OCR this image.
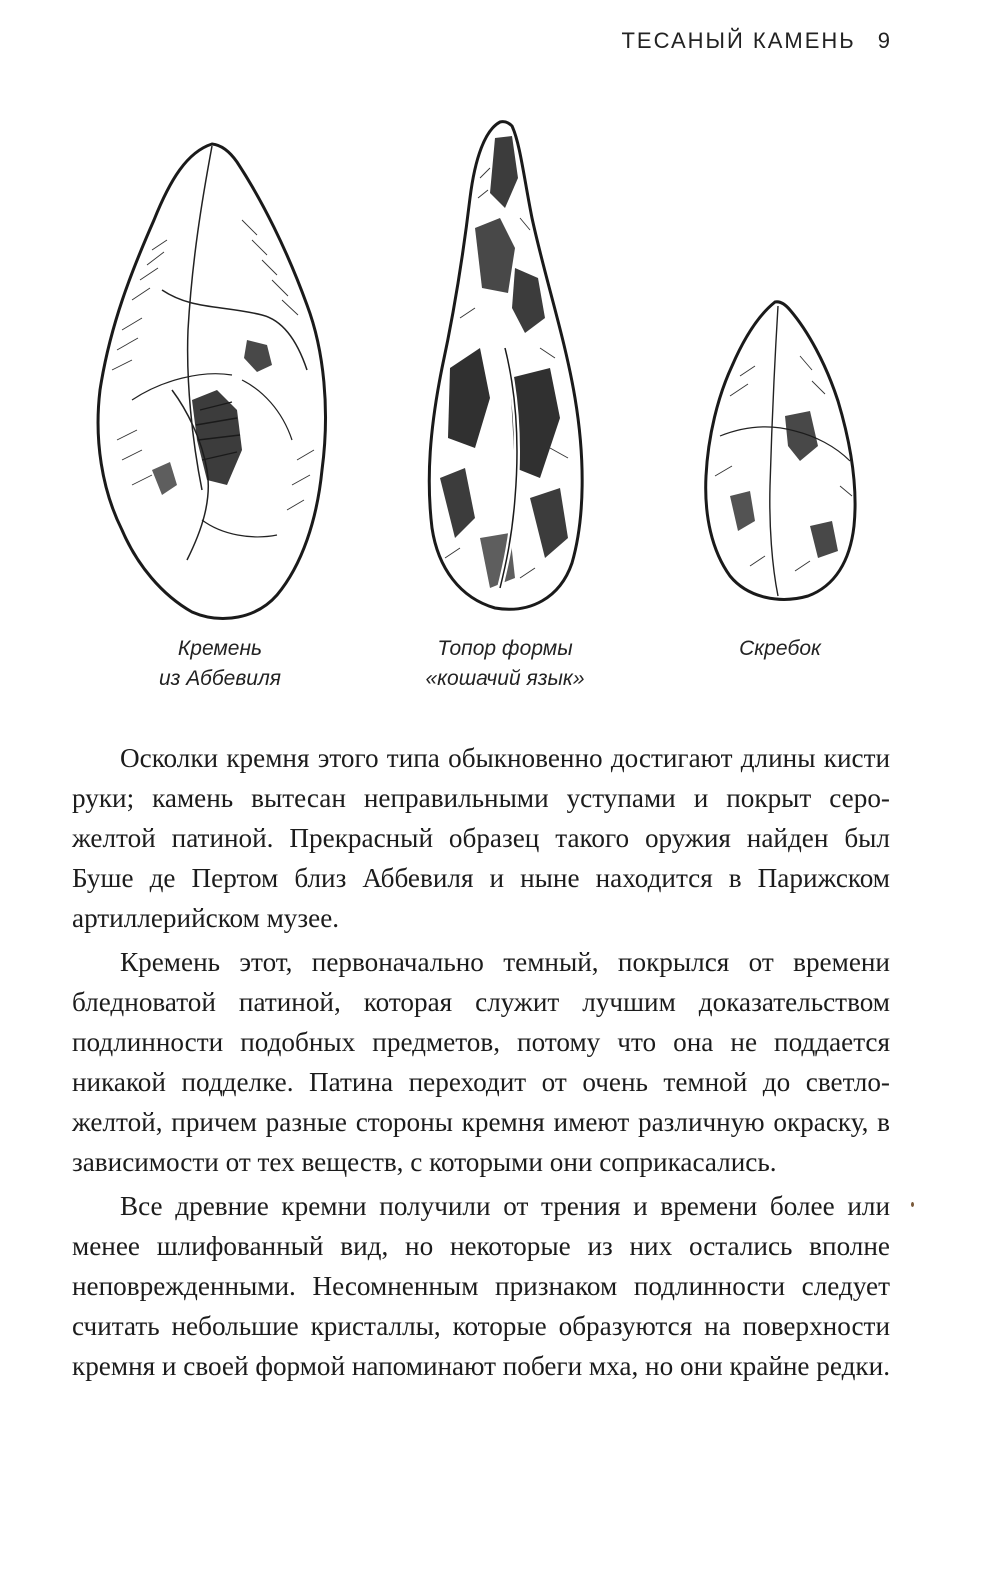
ТЕСАНЫЙ КАМЕНЬ 9
Кремень
из Аббевиля
Топор формы
«кошачий язык»
Скребок

Осколки кремня этого типа обыкновенно достигают длины кисти руки; камень вытесан неправильными уступами и покрыт серо-желтой патиной. Прекрасный образец такого оружия найден был Буше де Пертом близ Аббевиля и ныне находится в Парижском артиллерийском музее.

Кремень этот, первоначально темный, покрылся от времени бледноватой патиной, которая служит лучшим доказательством подлинности подобных предметов, потому что она не поддается никакой подделке. Патина переходит от очень темной до светло-желтой, причем разные стороны кремня имеют различную окраску, в зависимости от тех веществ, с которыми они соприкасались.

Все древние кремни получили от трения и времени более или менее шлифованный вид, но некоторые из них остались вполне неповрежденными. Несомненным признаком подлинности следует считать небольшие кристаллы, которые образуются на поверхности кремня и своей формой напоминают побеги мха, но они крайне редки.
